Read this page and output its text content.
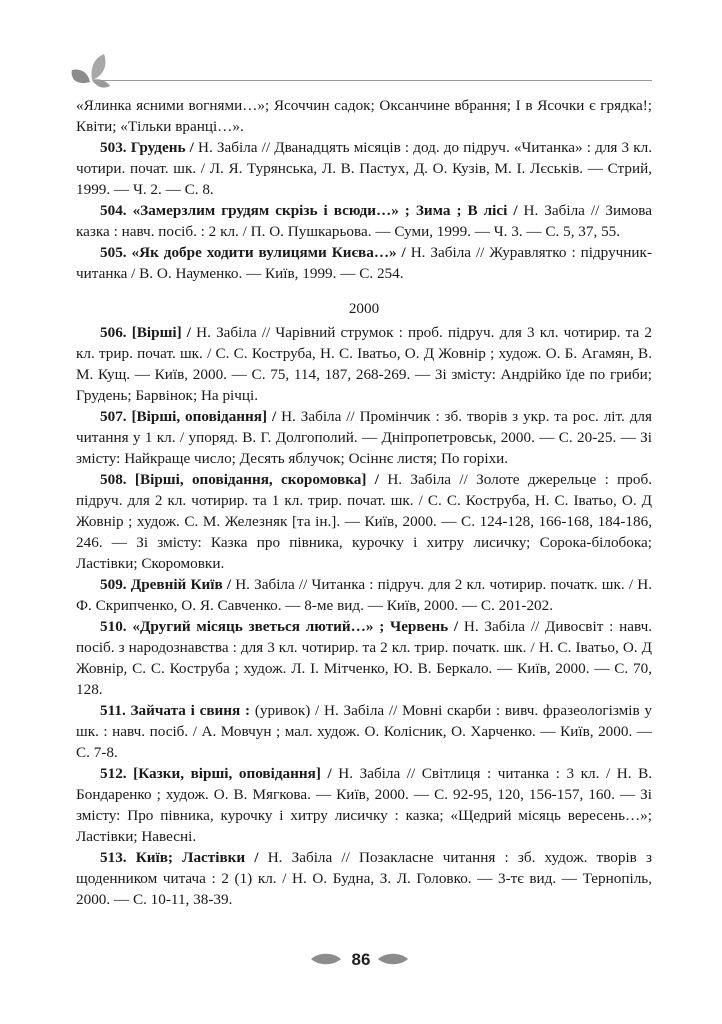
«Ялинка ясними вогнями…»; Ясоччин садок; Оксанчине вбрання; І в Ясочки є грядка!; Квіти; «Тільки вранці…».

503. Грудень / Н. Забіла // Дванадцять місяців : дод. до підруч. «Читанка» : для 3 кл. чотири. почат. шк. / Л. Я. Турянська, Л. В. Пастух, Д. О. Кузів, М. І. Лєськів. — Стрий, 1999. — Ч. 2. — С. 8.

504. «Замерзлим грудям скрізь і всюди…» ; Зима ; В лісі / Н. Забіла // Зимова казка : навч. посіб. : 2 кл. / П. О. Пушкарьова. — Суми, 1999. — Ч. 3. — С. 5, 37, 55.

505. «Як добре ходити вулицями Києва…» / Н. Забіла // Журавлятко : підручник-читанка / В. О. Науменко. — Київ, 1999. — С. 254.

2000

506. [Вірші] / Н. Забіла // Чарівний струмок : проб. підруч. для 3 кл. чотирир. та 2 кл. трир. почат. шк. / С. С. Коструба, Н. С. Іватьо, О. Д Жовнір ; худож. О. Б. Агамян, В. М. Кущ. — Київ, 2000. — С. 75, 114, 187, 268-269. — Зі змісту: Андрійко їде по гриби; Грудень; Барвінок; На річці.

507. [Вірші, оповідання] / Н. Забіла // Промінчик : зб. творів з укр. та рос. літ. для читання у 1 кл. / упоряд. В. Г. Долгополий. — Дніпропетровськ, 2000. — С. 20-25. — Зі змісту: Найкраще число; Десять яблучок; Осіннє листя; По горіхи.

508. [Вірші, оповідання, скоромовка] / Н. Забіла // Золоте джерельце : проб. підруч. для 2 кл. чотирир. та 1 кл. трир. почат. шк. / С. С. Коструба, Н. С. Іватьо, О. Д Жовнір ; худож. С. М. Железняк [та ін.]. — Київ, 2000. — С. 124-128, 166-168, 184-186, 246. — Зі змісту: Казка про півника, курочку і хитру лисичку; Сорока-білобока; Ластівки; Скоромовки.

509. Древній Київ / Н. Забіла // Читанка : підруч. для 2 кл. чотирир. початк. шк. / Н. Ф. Скрипченко, О. Я. Савченко. — 8-ме вид. — Київ, 2000. — С. 201-202.

510. «Другий місяць зветься лютий…» ; Червень / Н. Забіла // Дивосвіт : навч. посіб. з народознавства : для 3 кл. чотирир. та 2 кл. трир. початк. шк. / Н. С. Іватьо, О. Д Жовнір, С. С. Коструба ; худож. Л. І. Мітченко, Ю. В. Беркало. — Київ, 2000. — С. 70, 128.

511. Зайчата і свиня : (уривок) / Н. Забіла // Мовні скарби : вивч. фразеологізмів у шк. : навч. посіб. / А. Мовчун ; мал. худож. О. Колісник, О. Харченко. — Київ, 2000. — С. 7-8.

512. [Казки, вірші, оповідання] / Н. Забіла // Світлиця : читанка : 3 кл. / Н. В. Бондаренко ; худож. О. В. Мягкова. — Київ, 2000. — С. 92-95, 120, 156-157, 160. — Зі змісту: Про півника, курочку і хитру лисичку : казка; «Щедрий місяць вересень…»; Ластівки; Навесні.

513. Київ; Ластівки / Н. Забіла // Позакласне читання : зб. худож. творів з щоденником читача : 2 (1) кл. / Н. О. Будна, З. Л. Головко. — 3-тє вид. — Тернопіль, 2000. — С. 10-11, 38-39.

86
